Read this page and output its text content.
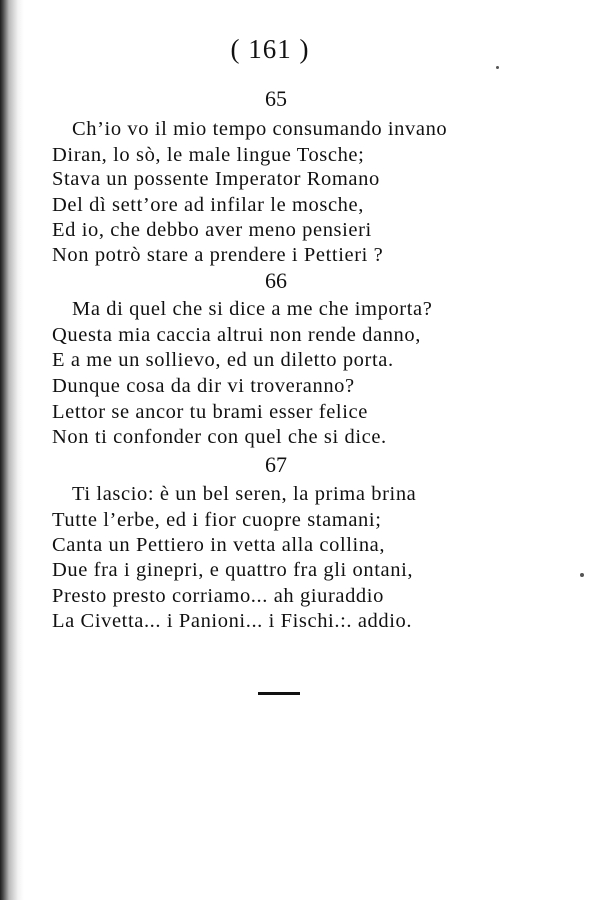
( 161 )
65
Ch’io vo il mio tempo consumando invano
Diran, lo sò, le male lingue Tosche;
Stava un possente Imperator Romano
Del dì sett’ore ad infilar le mosche,
Ed io, che debbo aver meno pensieri
Non potrò stare a prendere i Pettieri ?
66
Ma di quel che si dice a me che importa?
Questa mia caccia altrui non rende danno,
E a me un sollievo, ed un diletto porta.
Dunque cosa da dir vi troveranno?
Lettor se ancor tu brami esser felice
Non ti confonder con quel che si dice.
67
Ti lascio: è un bel seren, la prima brina
Tutte l’erbe, ed i fior cuopre stamani;
Canta un Pettiero in vetta alla collina,
Due fra i ginepri, e quattro fra gli ontani,
Presto presto corriamo... ah giuraddio
La Civetta... i Panioni... i Fischi.:. addio.
